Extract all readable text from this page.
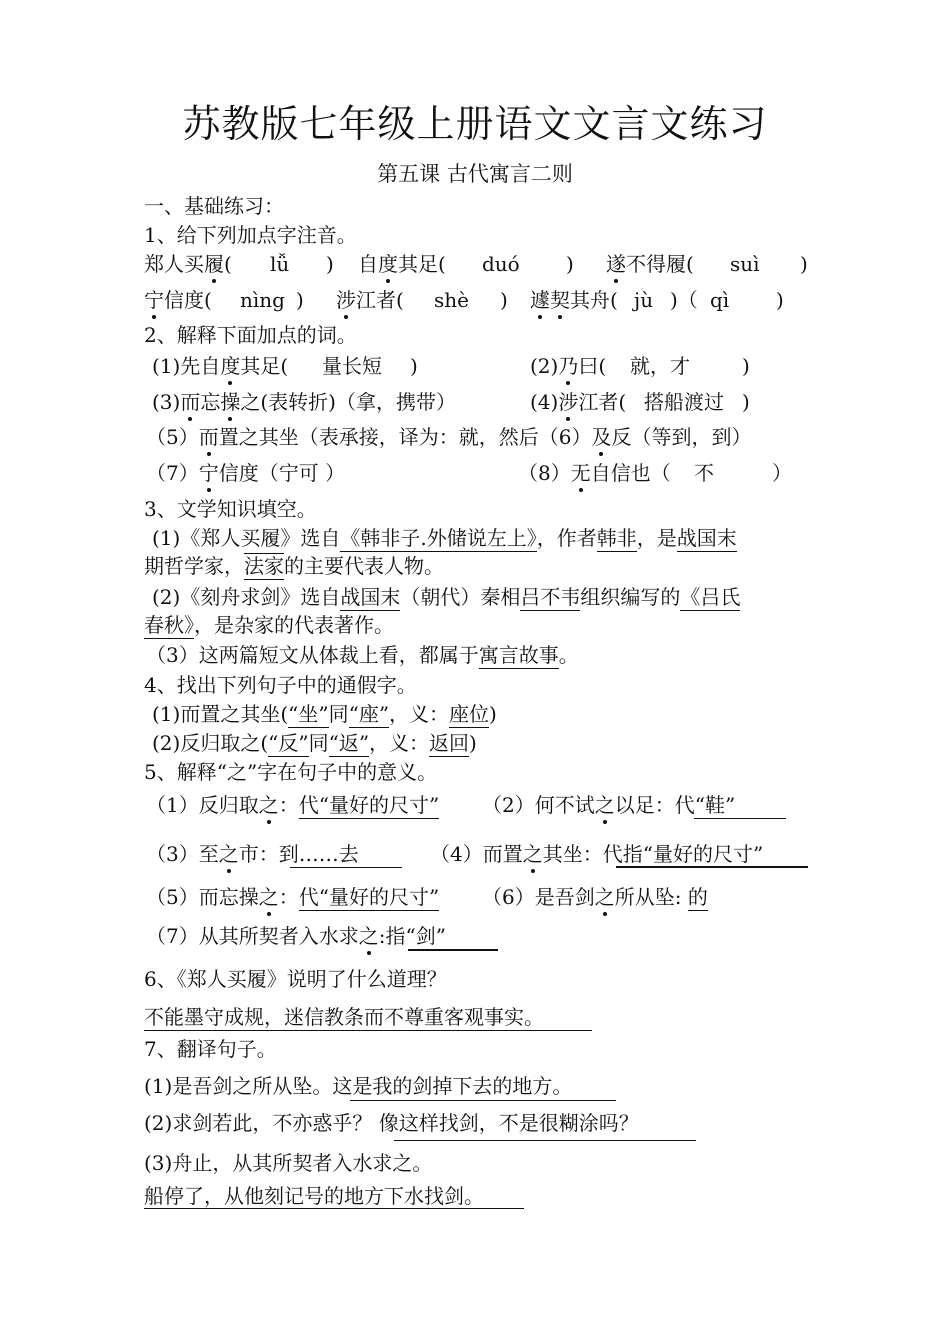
苏教版七年级上册语文文言文练习
第五课 古代寓言二则
一、基础练习：
1、给下列加点字注音。
郑人买履( lǚ ) 自度其足( duó ) 遂不得履( suì )
宁信度( nìng ) 涉江者( shè ) 遽契其舟( jù )（ qì )
2、解释下面加点的词。
(1)先自度其足( 量长短 )	(2)乃曰( 就，才	)
(3)而忘操之(表转折)（拿，携带）	(4)涉江者( 搭船渡过 )
（5）而置之其坐（表承接，译为：就，然后（6）及反（等到，到）
（7）宁信度（宁可 ）	（8）无自信也（ 不	）
3、文学知识填空。
(1)《郑人买履》选自《韩非子.外储说左上》，作者韩非，是战国末
期哲学家，法家的主要代表人物。
(2)《刻舟求剑》选自战国末（朝代）秦相吕不韦组织编写的《吕氏
春秋》，是杂家的代表著作。
（3）这两篇短文从体裁上看，都属于寓言故事。
4、找出下列句子中的通假字。
(1)而置之其坐(“坐”同“座”，义：座位)
(2)反归取之(“反”同“返”，义：返回)
5、解释“之”字在句子中的意义。
（1）反归取之：代“量好的尺寸” （2）何不试之以足：代“鞋”
（3）至之市：到……去	（4）而置之其坐：代指“量好的尺寸”
（5）而忘操之：代“量好的尺寸” （6）是吾剑之所从坠: 的
（7）从其所契者入水求之:指“剑”
6、《郑人买履》说明了什么道理？
不能墨守成规，迷信教条而不尊重客观事实。
7、翻译句子。
(1)是吾剑之所从坠。这是我的剑掉下去的地方。
(2)求剑若此，不亦惑乎？ 像这样找剑，不是很糊涂吗？
(3)舟止，从其所契者入水求之。
船停了，从他刻记号的地方下水找剑。
